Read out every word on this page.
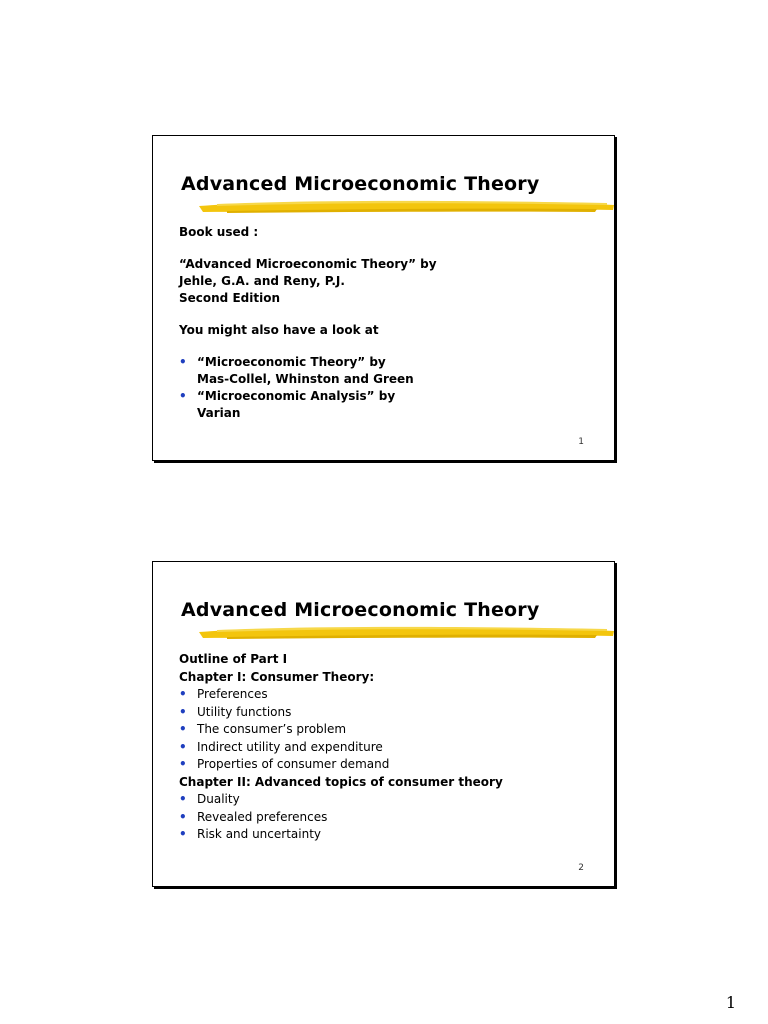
Advanced Microeconomic Theory
Book used :
“Advanced Microeconomic Theory” by
Jehle, G.A. and Reny, P.J.
Second Edition
You might also have a look at
• “Microeconomic Theory” by
Mas-Collel, Whinston and Green
• “Microeconomic Analysis” by
Varian
1
Advanced Microeconomic Theory
Outline of Part I
Chapter I: Consumer Theory:
• Preferences
• Utility functions
• The consumer’s problem
• Indirect utility and expenditure
• Properties of consumer demand
Chapter II: Advanced topics of consumer theory
• Duality
• Revealed preferences
• Risk and uncertainty
2
1
